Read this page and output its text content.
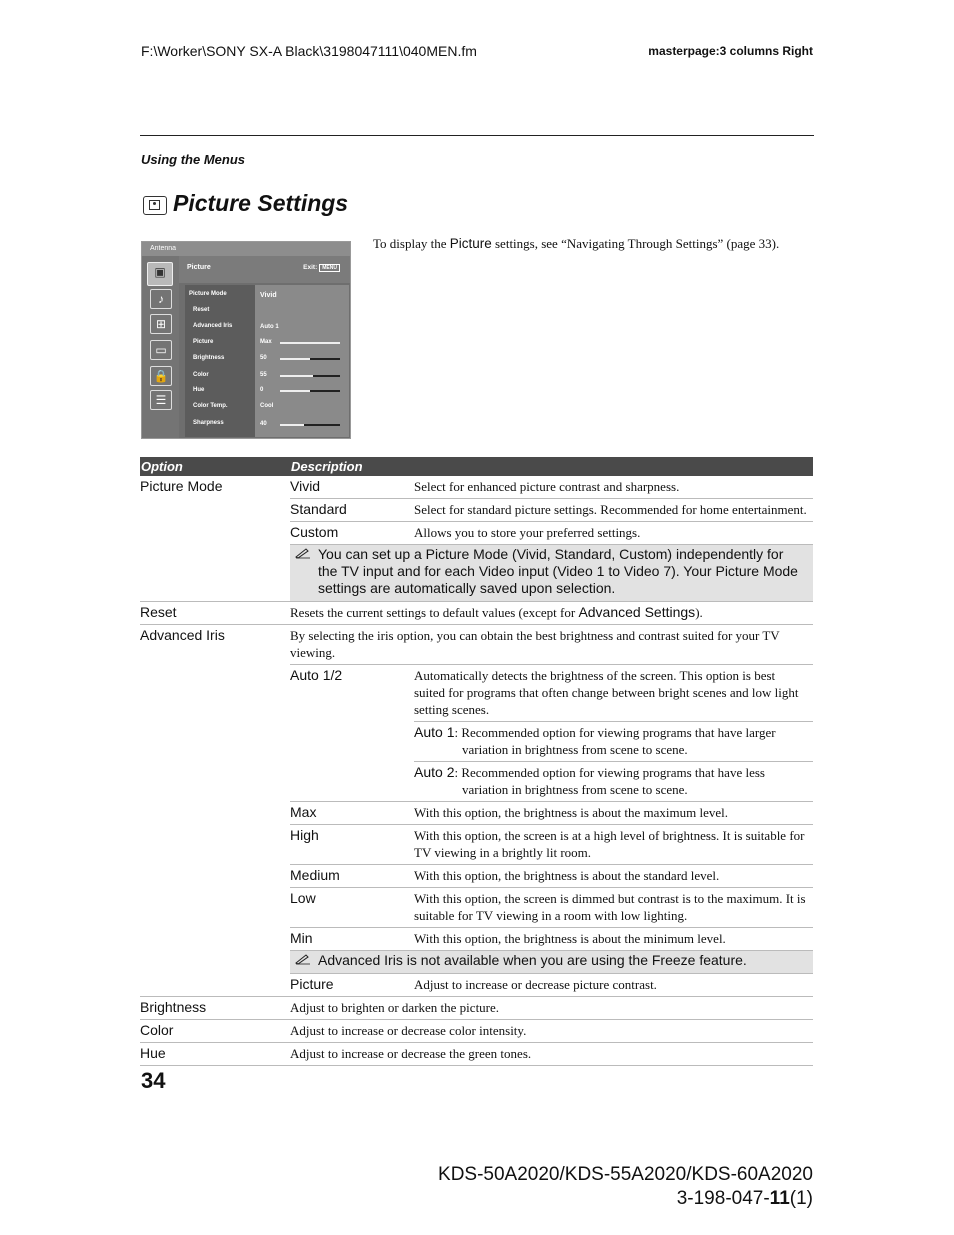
F:\Worker\SONY SX-A Black\3198047111\040MEN.fm	masterpage:3 columns Right
Using the Menus
Picture Settings
Antenna
▣
♪
⊞
▭
🔒
☰
Picture	Exit: MENU
Picture Mode
Reset
Advanced Iris
Picture
Brightness
Color
Hue
Color Temp.
Sharpness
Vivid
Auto 1
Max
50
55
0
Cool
40
To display the Picture settings, see “Navigating Through Settings” (page 33).
Option	Description	
Picture Mode	Vivid	Select for enhanced picture contrast and sharpness.
	Standard	Select for standard picture settings. Recommended for home entertainment.
	Custom	Allows you to store your preferred settings.

You can set up a Picture Mode (Vivid, Standard, Custom) independently for the TV input and for each Video input (Video 1 to Video 7). Your Picture Mode settings are automatically saved upon selection.	
Reset	Resets the current settings to default values (except for Advanced Settings).	
Advanced Iris	By selecting the iris option, you can obtain the best brightness and contrast suited for your TV viewing.	
	Auto 1/2	Automatically detects the brightness of the screen. This option is best suited for programs that often change between bright scenes and low light setting scenes.

		Auto 1: Recommended option for viewing programs that have larger variation in brightness from scene to scene.

		Auto 2: Recommended option for viewing programs that have less variation in brightness from scene to scene.

	Max	With this option, the brightness is about the maximum level.
	High	With this option, the screen is at a high level of brightness. It is suitable for TV viewing in a brightly lit room.
	Medium	With this option, the brightness is about the standard level.
	Low	With this option, the screen is dimmed but contrast is to the maximum. It is suitable for TV viewing in a room with low lighting.
	Min	With this option, the brightness is about the minimum level.

Advanced Iris is not available when you are using the Freeze feature.	
	Picture	Adjust to increase or decrease picture contrast.
Brightness	Adjust to brighten or darken the picture.	
Color	Adjust to increase or decrease color intensity.	
Hue	Adjust to increase or decrease the green tones.	
34
KDS-50A2020/KDS-55A2020/KDS-60A2020
3-198-047-11(1)
